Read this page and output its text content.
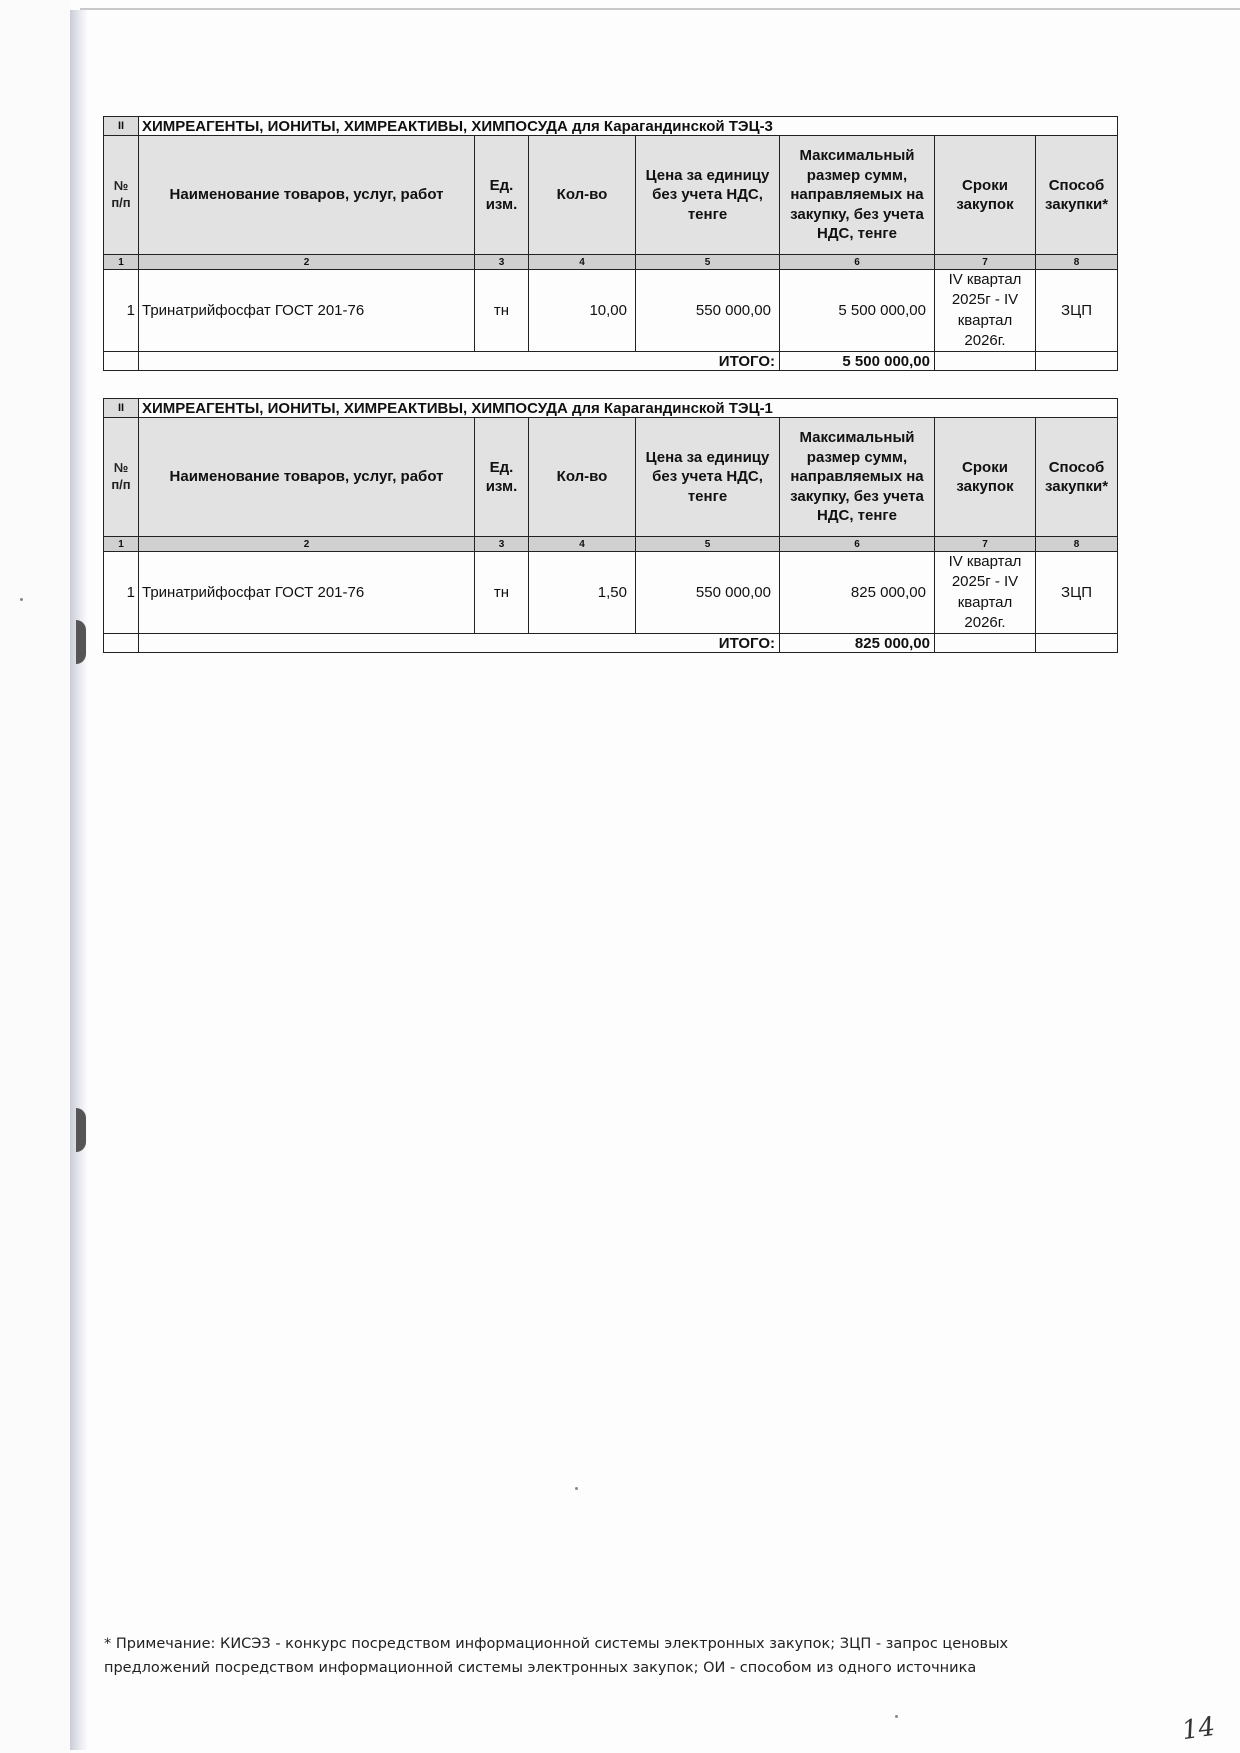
II	ХИМРЕАГЕНТЫ, ИОНИТЫ, ХИМРЕАКТИВЫ, ХИМПОСУДА для Карагандинской ТЭЦ-3						
№ п/п	Наименование товаров, услуг, работ	Ед. изм.	Кол-во	Цена за единицу без учета НДС, тенге	Максимальный размер сумм, направляемых на закупку, без учета НДС, тенге	Сроки закупок	Способ закупки*
1	2	3	4	5	6	7	8
1	Тринатрийфосфат ГОСТ 201-76	тн	10,00	550 000,00	5 500 000,00	IV квартал
2025г - IV
квартал
2026г.	ЗЦП
	ИТОГО:				5 500 000,00		
II	ХИМРЕАГЕНТЫ, ИОНИТЫ, ХИМРЕАКТИВЫ, ХИМПОСУДА для Карагандинской ТЭЦ-1						
№ п/п	Наименование товаров, услуг, работ	Ед. изм.	Кол-во	Цена за единицу без учета НДС, тенге	Максимальный размер сумм, направляемых на закупку, без учета НДС, тенге	Сроки закупок	Способ закупки*
1	2	3	4	5	6	7	8
1	Тринатрийфосфат ГОСТ 201-76	тн	1,50	550 000,00	825 000,00	IV квартал
2025г - IV
квартал
2026г.	ЗЦП
	ИТОГО:				825 000,00		
* Примечание: КИСЭЗ - конкурс посредством информационной системы электронных закупок; ЗЦП - запрос ценовых предложений посредством информационной системы электронных закупок; ОИ - способом из одного источника
14
